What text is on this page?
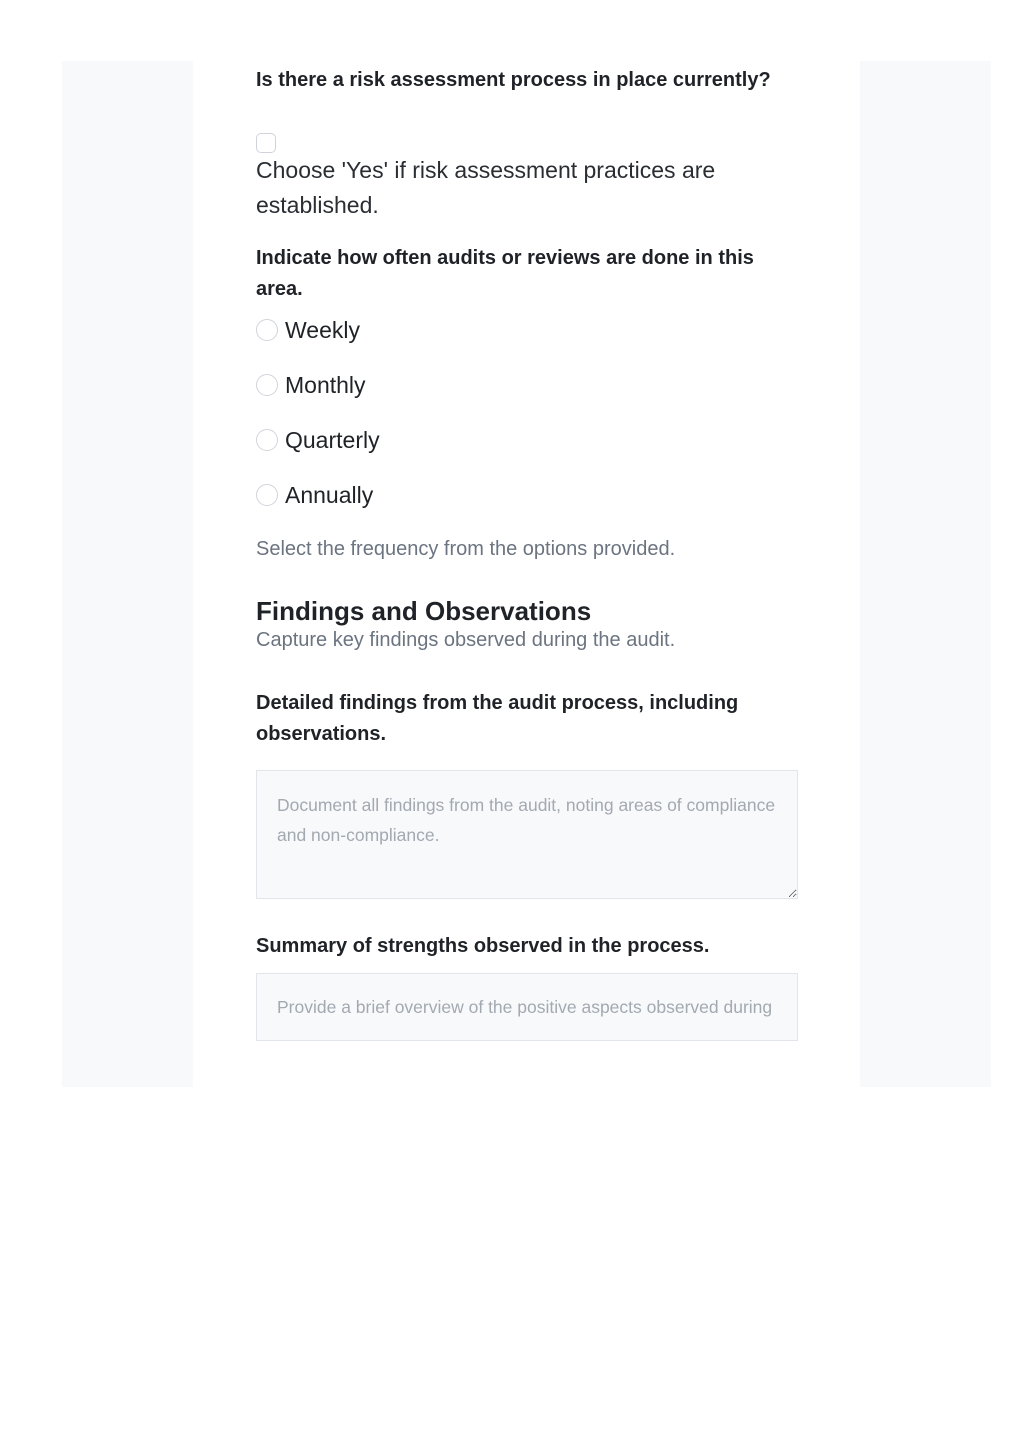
Is there a risk assessment process in place currently?

Choose 'Yes' if risk assessment practices are established.

Indicate how often audits or reviews are done in this area.

Weekly
Monthly
Quarterly
Annually
Select the frequency from the options provided.
Findings and Observations
Capture key findings observed during the audit.

Detailed findings from the audit process, including observations.

Document all findings from the audit, noting areas of compliance and non-compliance.

Summary of strengths observed in the process.

Provide a brief overview of the positive aspects observed during the audit.
